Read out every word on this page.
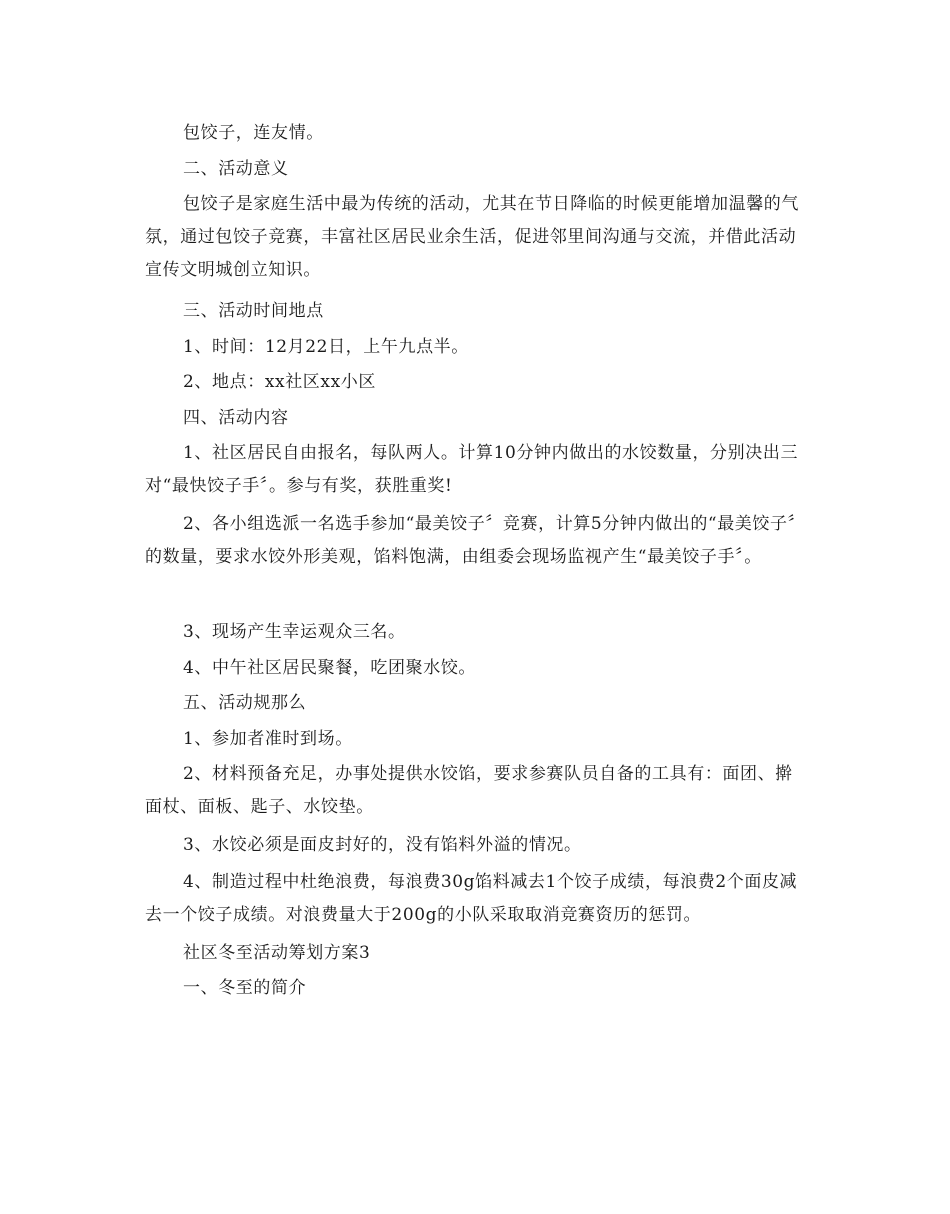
包饺子，连友情。

二、活动意义

包饺子是家庭生活中最为传统的活动，尤其在节日降临的时候更能增加温馨的气氛，通过包饺子竞赛，丰富社区居民业余生活，促进邻里间沟通与交流，并借此活动宣传文明城创立知识。

三、活动时间地点

1、时间：12月22日，上午九点半。

2、地点：xx社区xx小区

四、活动内容

1、社区居民自由报名，每队两人。计算10分钟内做出的水饺数量，分别决出三对“最快饺子手〞。参与有奖，获胜重奖!

2、各小组选派一名选手参加“最美饺子〞竞赛，计算5分钟内做出的“最美饺子〞的数量，要求水饺外形美观，馅料饱满，由组委会现场监视产生“最美饺子手〞。

3、现场产生幸运观众三名。

4、中午社区居民聚餐，吃团聚水饺。

五、活动规那么

1、参加者准时到场。

2、材料预备充足，办事处提供水饺馅，要求参赛队员自备的工具有：面团、擀面杖、面板、匙子、水饺垫。

3、水饺必须是面皮封好的，没有馅料外溢的情况。

4、制造过程中杜绝浪费，每浪费30g馅料减去1个饺子成绩，每浪费2个面皮减去一个饺子成绩。对浪费量大于200g的小队采取取消竞赛资历的惩罚。

社区冬至活动筹划方案3

一、冬至的简介
